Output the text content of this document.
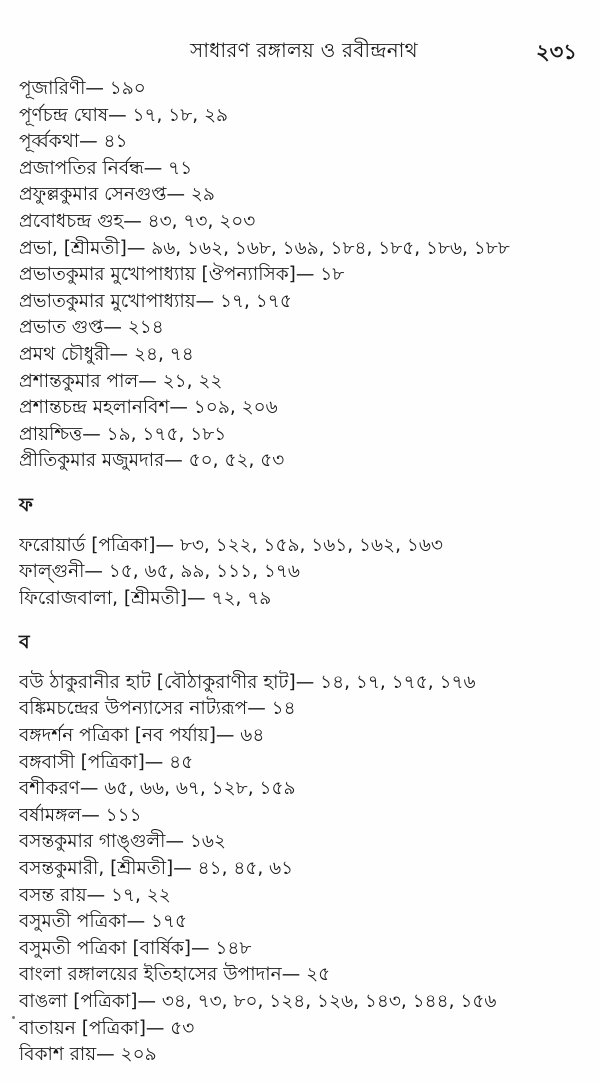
সাধারণ রঙ্গালয় ও রবীন্দ্রনাথ	২৩১
পূজারিণী— ১৯০
পূর্ণচন্দ্র ঘোষ— ১৭, ১৮, ২৯
পূর্ব্বকথা— ৪১
প্রজাপতির নির্বন্ধ— ৭১
প্রফুল্লকুমার সেনগুপ্ত— ২৯
প্রবোধচন্দ্র গুহ— ৪৩, ৭৩, ২০৩
প্রভা, [শ্রীমতী]— ৯৬, ১৬২, ১৬৮, ১৬৯, ১৮৪, ১৮৫, ১৮৬, ১৮৮
প্রভাতকুমার মুখোপাধ্যায় [ঔপন্যাসিক]— ১৮
প্রভাতকুমার মুখোপাধ্যায়— ১৭, ১৭৫
প্রভাত গুপ্ত— ২১৪
প্রমথ চৌধুরী— ২৪, ৭৪
প্রশান্তকুমার পাল— ২১, ২২
প্রশান্তচন্দ্র মহলানবিশ— ১০৯, ২০৬
প্রায়শ্চিত্ত— ১৯, ১৭৫, ১৮১
প্রীতিকুমার মজুমদার— ৫০, ৫২, ৫৩
ফ
ফরোয়ার্ড [পত্রিকা]— ৮৩, ১২২, ১৫৯, ১৬১, ১৬২, ১৬৩
ফাল্গুনী— ১৫, ৬৫, ৯৯, ১১১, ১৭৬
ফিরোজবালা, [শ্রীমতী]— ৭২, ৭৯
ব
বউ ঠাকুরানীর হাট [বৌঠাকুরাণীর হাট]— ১৪, ১৭, ১৭৫, ১৭৬
বঙ্কিমচন্দ্রের উপন্যাসের নাট্যরূপ— ১৪
বঙ্গদর্শন পত্রিকা [নব পর্যায়]— ৬৪
বঙ্গবাসী [পত্রিকা]— ৪৫
বশীকরণ— ৬৫, ৬৬, ৬৭, ১২৮, ১৫৯
বর্ষামঙ্গল— ১১১
বসন্তকুমার গাঙ্গুলী— ১৬২
বসন্তকুমারী, [শ্রীমতী]— ৪১, ৪৫, ৬১
বসন্ত রায়— ১৭, ২২
বসুমতী পত্রিকা— ১৭৫
বসুমতী পত্রিকা [বার্ষিক]— ১৪৮
বাংলা রঙ্গালয়ের ইতিহাসের উপাদান— ২৫
বাঙলা [পত্রিকা]— ৩৪, ৭৩, ৮০, ১২৪, ১২৬, ১৪৩, ১৪৪, ১৫৬
বাতায়ন [পত্রিকা]— ৫৩
বিকাশ রায়— ২০৯
